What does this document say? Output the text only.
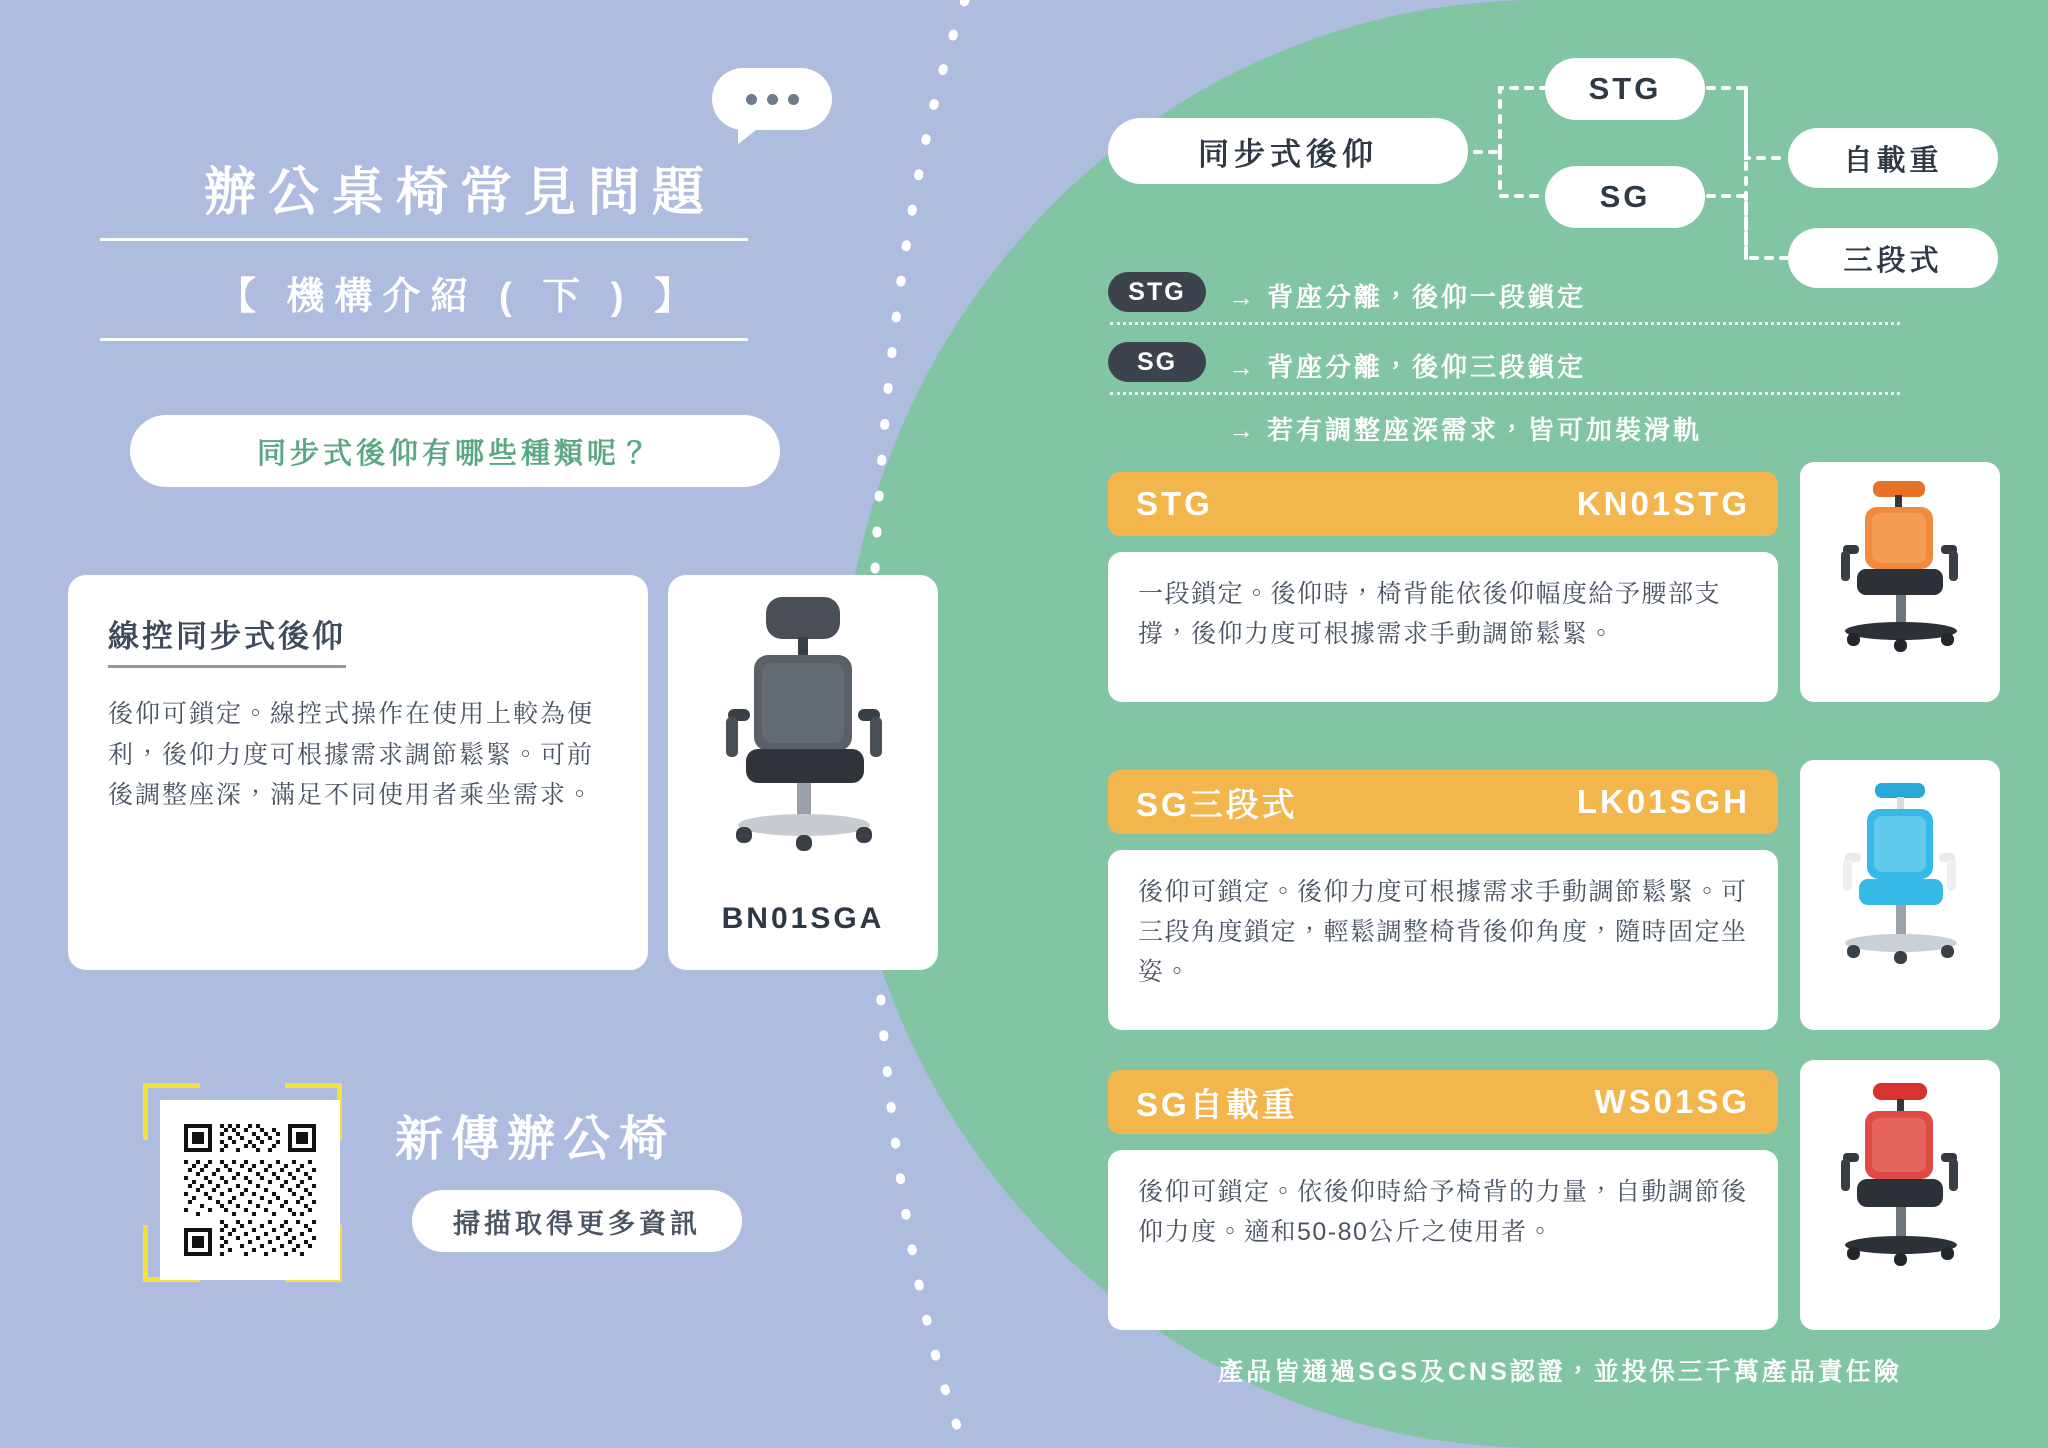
辦公桌椅常見問題
【 機構介紹 ( 下 ) 】
同步式後仰有哪些種類呢？
線控同步式後仰

後仰可鎖定。線控式操作在使用上較為便利，後仰力度可根據需求調節鬆緊。可前後調整座深，滿足不同使用者乘坐需求。

BN01SGA
新傳辦公椅
掃描取得更多資訊
同步式後仰
STG
SG
自載重
三段式
STG	→ 背座分離，後仰一段鎖定
SG	→ 背座分離，後仰三段鎖定
→ 若有調整座深需求，皆可加裝滑軌
STG	KN01STG
一段鎖定。後仰時，椅背能依後仰幅度給予腰部支撐，後仰力度可根據需求手動調節鬆緊。
SG三段式	LK01SGH
後仰可鎖定。後仰力度可根據需求手動調節鬆緊。可三段角度鎖定，輕鬆調整椅背後仰角度，隨時固定坐姿。
SG自載重	WS01SG
後仰可鎖定。依後仰時給予椅背的力量，自動調節後仰力度。適和50-80公斤之使用者。
產品皆通過SGS及CNS認證，並投保三千萬產品責任險
